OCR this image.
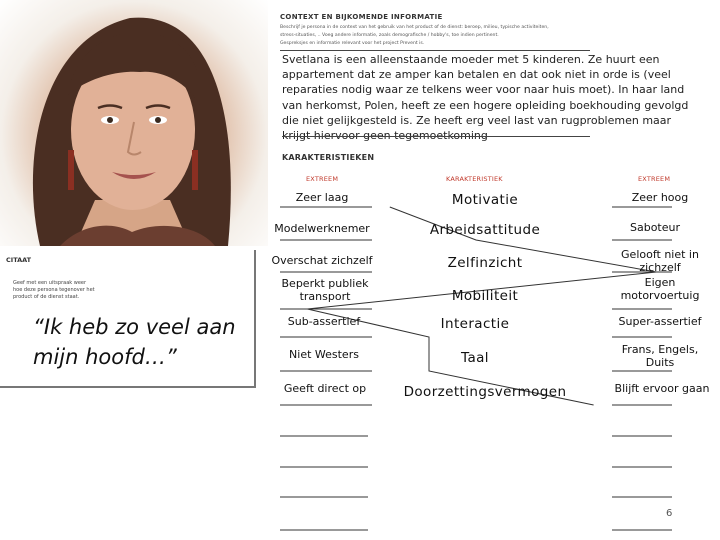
CONTEXT EN BIJKOMENDE INFORMATIE
Beschrijf je persona in de context van het gebruik van het product of de dienst: beroep, milieu, typische activiteiten,
stress-situaties, .. Voeg andere informatie, zoals demografische / hobby's, toe indien pertinent.
Gespreksjes en informatie relevant voor het project Prevent is.
Svetlana is een alleenstaande moeder met 5 kinderen. Ze huurt een appartement dat ze amper kan betalen en dat ook niet in orde is (veel reparaties nodig waar ze telkens weer voor naar huis moet). In haar land van herkomst, Polen, heeft ze een hogere opleiding boekhouding gevolgd die niet gelijkgesteld is. Ze heeft erg veel last van rugproblemen maar krijgt hiervoor geen tegemoetkoming
KARAKTERISTIEKEN
EXTREEM	KARAKTERISTIEK	EXTREEM
Zeer laag
Modelwerknemer
Overschat zichzelf
Beperkt publiek transport
Sub-assertief
Niet Westers
Geeft direct op
Motivatie
Arbeidsattitude
Zelfinzicht
Mobiliteit
Interactie
Taal
Doorzettingsvermogen
Zeer hoog
Saboteur
Gelooft niet in zichzelf
Eigen motorvoertuig
Super-assertief
Frans, Engels, Duits
Blijft ervoor gaan
CITAAT
Geef met een uitspraak weer
hoe deze persona tegenover het
product of de dienst staat.
“Ik heb zo veel aan mijn hoofd…”
6
